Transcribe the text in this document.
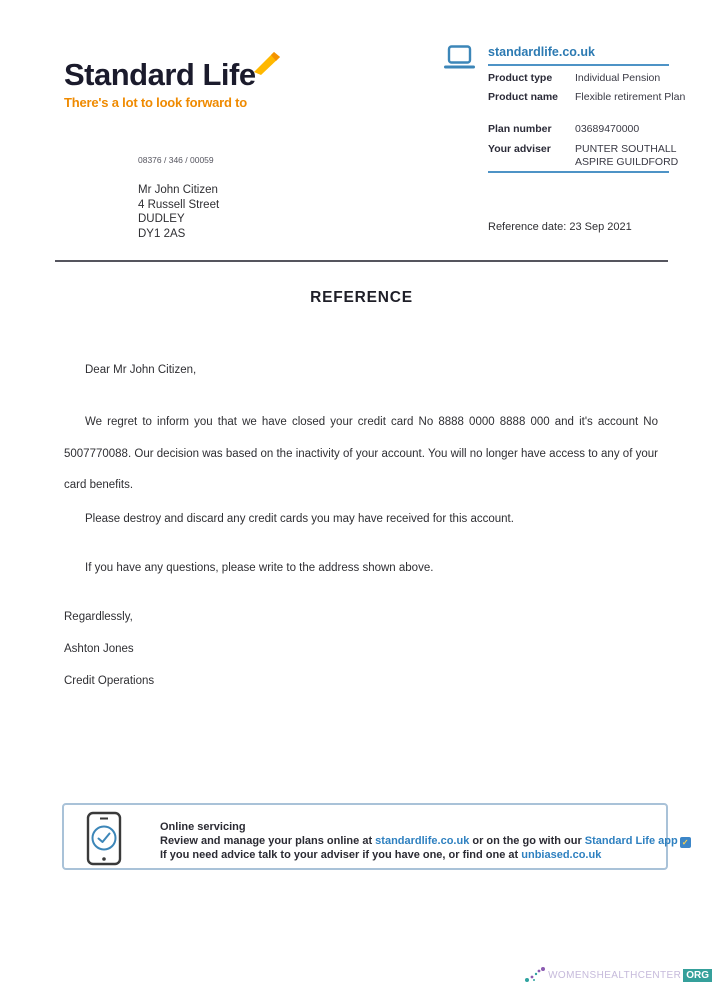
Standard Life
There's a lot to look forward to
standardlife.co.uk
Product type Individual Pension
Product name Flexible retirement Plan
Plan number 03689470000
Your adviser PUNTER SOUTHALL
ASPIRE GUILDFORD
08376 / 346 / 00059
Mr John Citizen
4 Russell Street
DUDLEY
DY1 2AS
Reference date: 23 Sep 2021
REFERENCE
Dear Mr John Citizen,
We regret to inform you that we have closed your credit card No 8888 0000 8888 000 and it's account No 5007770088. Our decision was based on the inactivity of your account. You will no longer have access to any of your card benefits.
Please destroy and discard any credit cards you may have received for this account.
If you have any questions, please write to the address shown above.
Regardlessly,
Ashton Jones
Credit Operations
Online servicing
Review and manage your plans online at standardlife.co.uk or on the go with our Standard Life app ✓
If you need advice talk to your adviser if you have one, or find one at unbiased.co.uk
WOMENSHEALTHCENTER ORG
